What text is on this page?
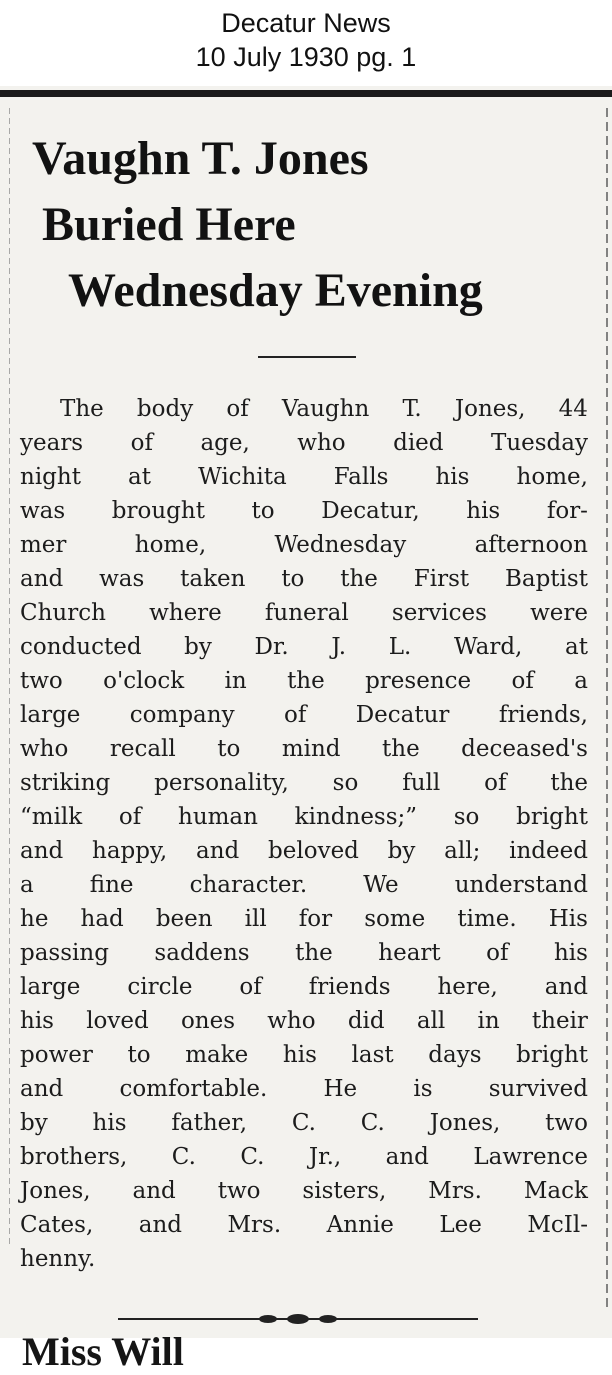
Decatur News
10 July 1930 pg. 1
Vaughn T. Jones
Buried Here
Wednesday Evening
The body of Vaughn T. Jones, 44
years of age, who died Tuesday
night at Wichita Falls his home,
was brought to Decatur, his for-
mer	home,	Wednesday	afternoon
and was taken to the First Baptist
Church where funeral services were
conducted by Dr. J. L. Ward, at
two o'clock in the presence of a
large company of Decatur friends,
who recall to mind the deceased's
striking personality, so full of the
“milk of human kindness;” so bright
and happy, and beloved by all; indeed
a fine character. We understand
he had been ill for some time. His
passing saddens the heart of his
large circle of friends here, and
his loved ones who did all in their
power to make his last days bright
and comfortable. He is survived
by his father, C. C. Jones, two
brothers, C. C. Jr., and Lawrence
Jones, and two sisters, Mrs. Mack
Cates, and Mrs. Annie Lee McIl-
henny.
Miss Will
